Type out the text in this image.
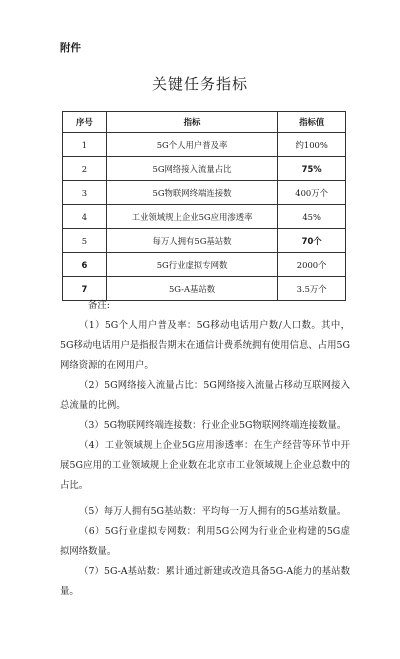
附件
关键任务指标
序号	指标	指标值
1	5G个人用户普及率	约100%
2	5G网络接入流量占比	75%
3	5G物联网终端连接数	400万个
4	工业领域规上企业5G应用渗透率	45%
5	每万人拥有5G基站数	70个
6	5G行业虚拟专网数	2000个
7	5G-A基站数	3.5万个
备注:

（1）5G个人用户普及率：5G移动电话用户数/人口数。其中，5G移动电话用户是指报告期末在通信计费系统拥有使用信息、占用5G网络资源的在网用户。

（2）5G网络接入流量占比：5G网络接入流量占移动互联网接入总流量的比例。

（3）5G物联网终端连接数：行业企业5G物联网终端连接数量。

（4）工业领域规上企业5G应用渗透率：在生产经营等环节中开展5G应用的工业领域规上企业数在北京市工业领域规上企业总数中的占比。

（5）每万人拥有5G基站数：平均每一万人拥有的5G基站数量。

（6）5G行业虚拟专网数：利用5G公网为行业企业构建的5G虚拟网络数量。

（7）5G-A基站数：累计通过新建或改造具备5G-A能力的基站数量。
